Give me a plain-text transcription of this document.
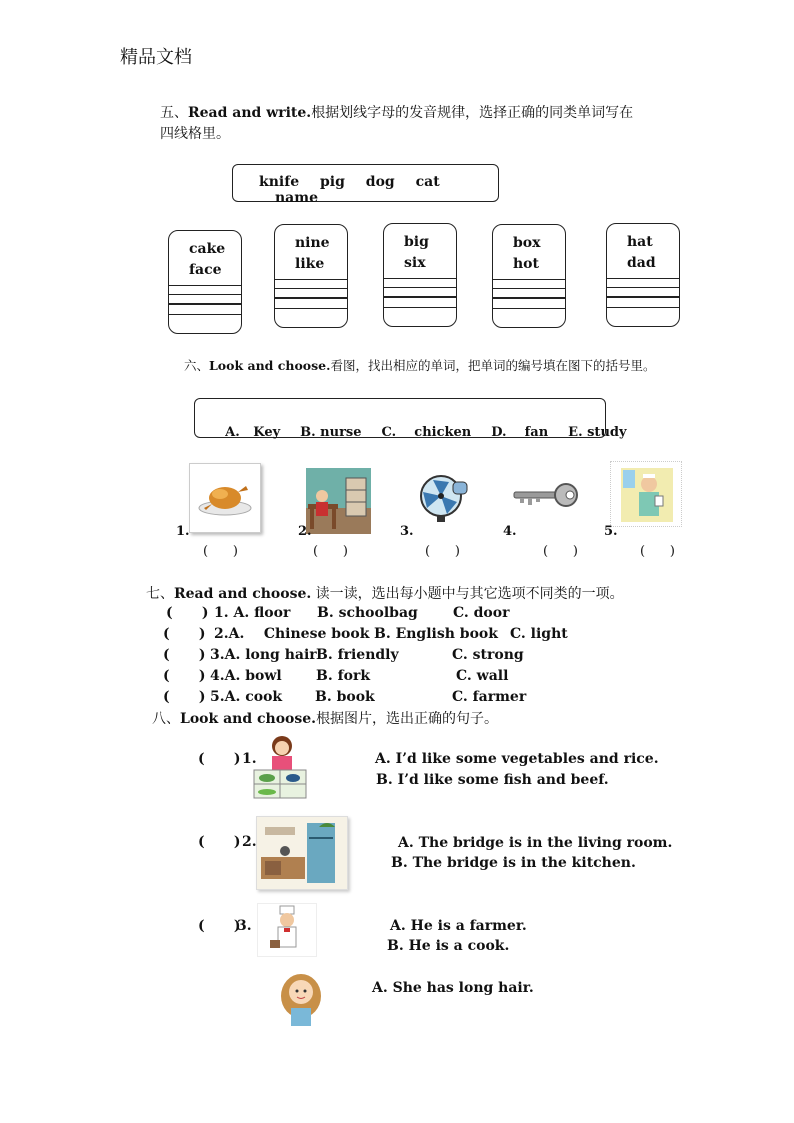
精品文档
五、Read and write.根据划线字母的发音规律，选择正确的同类单词写在
四线格里。
knife pig dog cat name
cake
face
nine
like
big
six
box
hot
hat
dad
六、Look and choose.看图，找出相应的单词，把单词的编号填在图下的括号里。

A.   Key B. nurse C.    chicken D.    fan E. study

1.	2.	3.	4.	5.
(      )	(      )	(      )	(      )	(      )
七、Read and choose. 读一读，选出每小题中与其它选项不同类的一项。
(      ) 1. A. floor B. schoolbag	C. door
(      ) 2.A.    Chinese book B. English book C. light
(      ) 3.A. long hair B. friendly	C. strong
(      ) 4.A. bowl B. fork	C. wall
(      ) 5.A. cook B. book	C. farmer
八、Look and choose.根据图片，选出正确的句子。
(      ) 1.	A. I’d like some vegetables and rice.
B. I’d like some fish and beef.
(      ) 2.	A. The bridge is in the living room.
B. The bridge is in the kitchen.
(      )
3.	A. He is a farmer.
B. He is a cook.
A. She has long hair.
